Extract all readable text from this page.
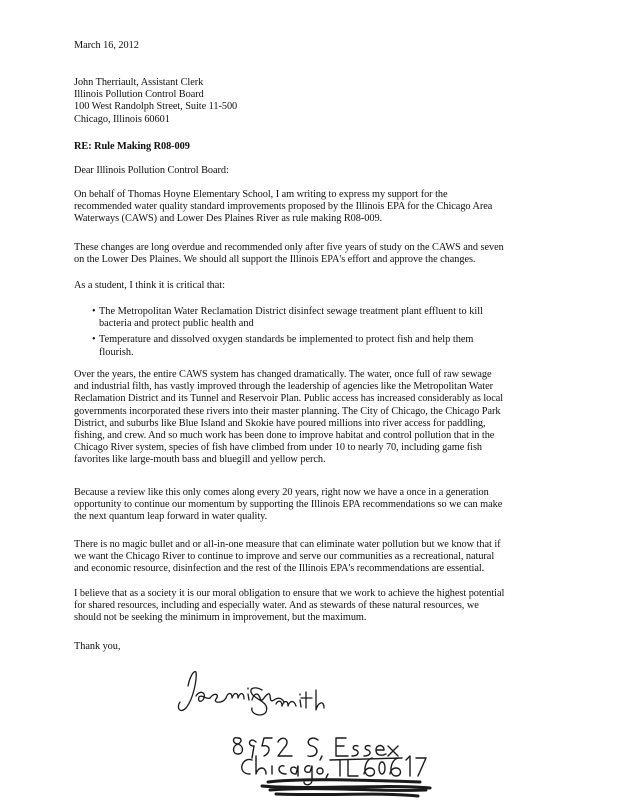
March 16, 2012
John Therriault, Assistant Clerk
Illinois Pollution Control Board
100 West Randolph Street, Suite 11-500
Chicago, Illinois 60601
RE: Rule Making R08-009
Dear Illinois Pollution Control Board:
On behalf of Thomas Hoyne Elementary School, I am writing to express my support for the
recommended water quality standard improvements proposed by the Illinois EPA for the Chicago Area
Waterways (CAWS) and Lower Des Plaines River as rule making R08-009.
These changes are long overdue and recommended only after five years of study on the CAWS and seven
on the Lower Des Plaines. We should all support the Illinois EPA's effort and approve the changes.
As a student, I think it is critical that:
• The Metropolitan Water Reclamation District disinfect sewage treatment plant effluent to kill
bacteria and protect public health and
• Temperature and dissolved oxygen standards be implemented to protect fish and help them
flourish.
Over the years, the entire CAWS system has changed dramatically. The water, once full of raw sewage
and industrial filth, has vastly improved through the leadership of agencies like the Metropolitan Water
Reclamation District and its Tunnel and Reservoir Plan. Public access has increased considerably as local
governments incorporated these rivers into their master planning. The City of Chicago, the Chicago Park
District, and suburbs like Blue Island and Skokie have poured millions into river access for paddling,
fishing, and crew. And so much work has been done to improve habitat and control pollution that in the
Chicago River system, species of fish have climbed from under 10 to nearly 70, including game fish
favorites like large-mouth bass and bluegill and yellow perch.
Because a review like this only comes along every 20 years, right now we have a once in a generation
opportunity to continue our momentum by supporting the Illinois EPA recommendations so we can make
the next quantum leap forward in water quality.
There is no magic bullet and or all-in-one measure that can eliminate water pollution but we know that if
we want the Chicago River to continue to improve and serve our communities as a recreational, natural
and economic resource, disinfection and the rest of the Illinois EPA's recommendations are essential.
I believe that as a society it is our moral obligation to ensure that we work to achieve the highest potential
for shared resources, including and especially water. And as stewards of these natural resources, we
should not be seeking the minimum in improvement, but the maximum.
Thank you,
